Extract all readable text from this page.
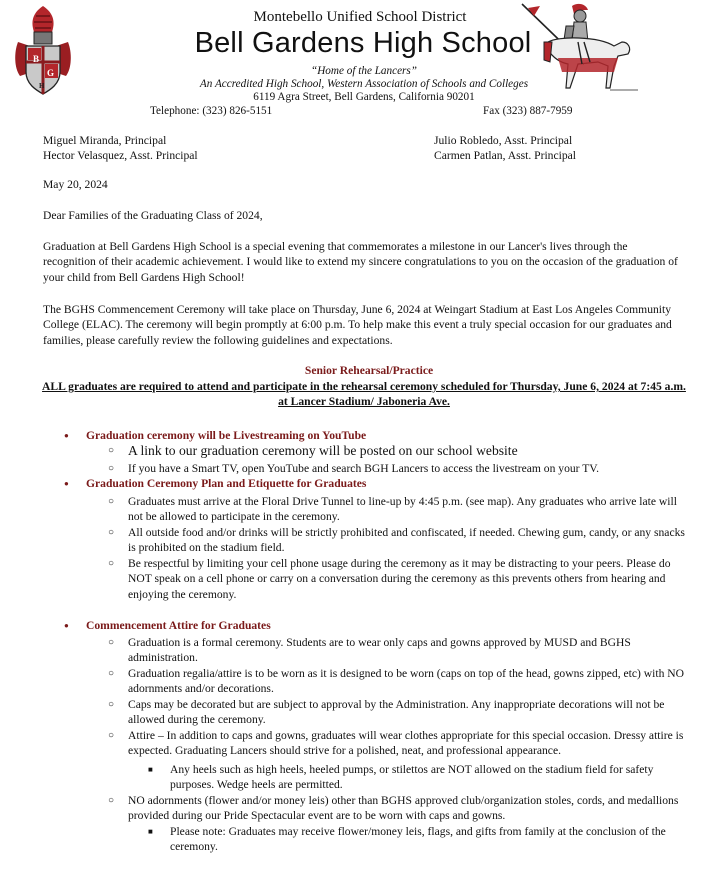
B
G
H
Montebello Unified School District
Bell Gardens High School
“Home of the Lancers”
An Accredited High School, Western Association of Schools and Colleges
6119 Agra Street, Bell Gardens, California 90201
Telephone: (323) 826-5151	Fax (323) 887-7959
Miguel Miranda, Principal
Hector Velasquez, Asst. Principal
Julio Robledo, Asst. Principal
Carmen Patlan, Asst. Principal

May 20, 2024

Dear Families of the Graduating Class of 2024,

Graduation at Bell Gardens High School is a special evening that commemorates a milestone in our Lancer's lives through the recognition of their academic achievement. I would like to extend my sincere congratulations to you on the occasion of the graduation of your child from Bell Gardens High School!

The BGHS Commencement Ceremony will take place on Thursday, June 6, 2024 at Weingart Stadium at East Los Angeles Community College (ELAC). The ceremony will begin promptly at 6:00 p.m. To help make this event a truly special occasion for our graduates and families, please carefully review the following guidelines and expectations.

Senior Rehearsal/Practice
ALL graduates are required to attend and participate in the rehearsal ceremony scheduled for Thursday, June 6, 2024 at 7:45 a.m. at Lancer Stadium/ Jaboneria Ave.
● Graduation ceremony will be Livestreaming on YouTube
○	A link to our graduation ceremony will be posted on our school website
○	If you have a Smart TV, open YouTube and search BGH Lancers to access the livestream on your TV.
● Graduation Ceremony Plan and Etiquette for Graduates
○	Graduates must arrive at the Floral Drive Tunnel to line-up by 4:45 p.m. (see map). Any graduates who arrive late will not be allowed to participate in the ceremony.
○	All outside food and/or drinks will be strictly prohibited and confiscated, if needed. Chewing gum, candy, or any snacks is prohibited on the stadium field.
○	Be respectful by limiting your cell phone usage during the ceremony as it may be distracting to your peers. Please do NOT speak on a cell phone or carry on a conversation during the ceremony as this prevents others from hearing and enjoying the ceremony.
● Commencement Attire for Graduates
○	Graduation is a formal ceremony. Students are to wear only caps and gowns approved by MUSD and BGHS administration.
○	Graduation regalia/attire is to be worn as it is designed to be worn (caps on top of the head, gowns zipped, etc) with NO adornments and/or decorations.
○	Caps may be decorated but are subject to approval by the Administration. Any inappropriate decorations will not be allowed during the ceremony.
○	Attire – In addition to caps and gowns, graduates will wear clothes appropriate for this special occasion. Dressy attire is expected. Graduating Lancers should strive for a polished, neat, and professional appearance.
■	Any heels such as high heels, heeled pumps, or stilettos are NOT allowed on the stadium field for safety purposes. Wedge heels are permitted.
○	NO adornments (flower and/or money leis) other than BGHS approved club/organization stoles, cords, and medallions provided during our Pride Spectacular event are to be worn with caps and gowns.
■	Please note: Graduates may receive flower/money leis, flags, and gifts from family at the conclusion of the ceremony.
